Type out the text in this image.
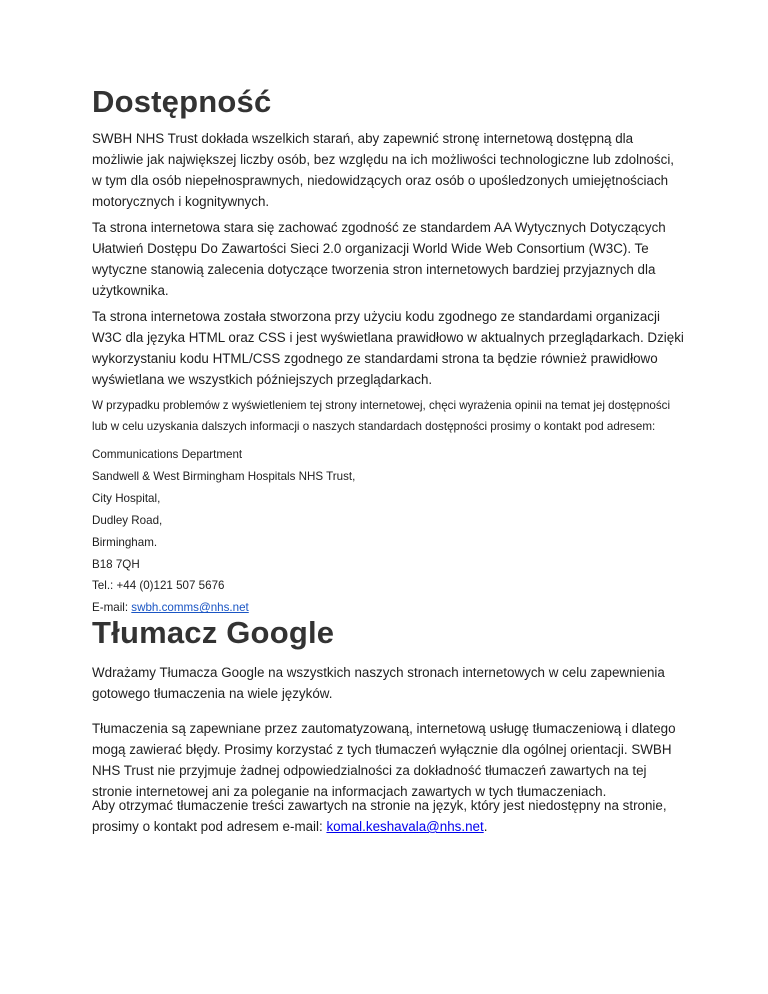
Dostępność

SWBH NHS Trust dokłada wszelkich starań, aby zapewnić stronę internetową dostępną dla możliwie jak największej liczby osób, bez względu na ich możliwości technologiczne lub zdolności, w tym dla osób niepełnosprawnych, niedowidzących oraz osób o upośledzonych umiejętnościach motorycznych i kognitywnych.

Ta strona internetowa stara się zachować zgodność ze standardem AA Wytycznych Dotyczących Ułatwień Dostępu Do Zawartości Sieci 2.0 organizacji World Wide Web Consortium (W3C). Te wytyczne stanowią zalecenia dotyczące tworzenia stron internetowych bardziej przyjaznych dla użytkownika.

Ta strona internetowa została stworzona przy użyciu kodu zgodnego ze standardami organizacji W3C dla języka HTML oraz CSS i jest wyświetlana prawidłowo w aktualnych przeglądarkach. Dzięki wykorzystaniu kodu HTML/CSS zgodnego ze standardami strona ta będzie również prawidłowo wyświetlana we wszystkich późniejszych przeglądarkach.

W przypadku problemów z wyświetleniem tej strony internetowej, chęci wyrażenia opinii na temat jej dostępności lub w celu uzyskania dalszych informacji o naszych standardach dostępności prosimy o kontakt pod adresem:

Communications Department
Sandwell & West Birmingham Hospitals NHS Trust,
City Hospital,
Dudley Road,
Birmingham.
B18 7QH
Tel.: +44 (0)121 507 5676
E-mail: swbh.comms@nhs.net
Tłumacz Google

Wdrażamy Tłumacza Google na wszystkich naszych stronach internetowych w celu zapewnienia gotowego tłumaczenia na wiele języków.

Tłumaczenia są zapewniane przez zautomatyzowaną, internetową usługę tłumaczeniową i dlatego mogą zawierać błędy. Prosimy korzystać z tych tłumaczeń wyłącznie dla ogólnej orientacji. SWBH NHS Trust nie przyjmuje żadnej odpowiedzialności za dokładność tłumaczeń zawartych na tej stronie internetowej ani za poleganie na informacjach zawartych w tych tłumaczeniach.

Aby otrzymać tłumaczenie treści zawartych na stronie na język, który jest niedostępny na stronie, prosimy o kontakt pod adresem e-mail: komal.keshavala@nhs.net.
